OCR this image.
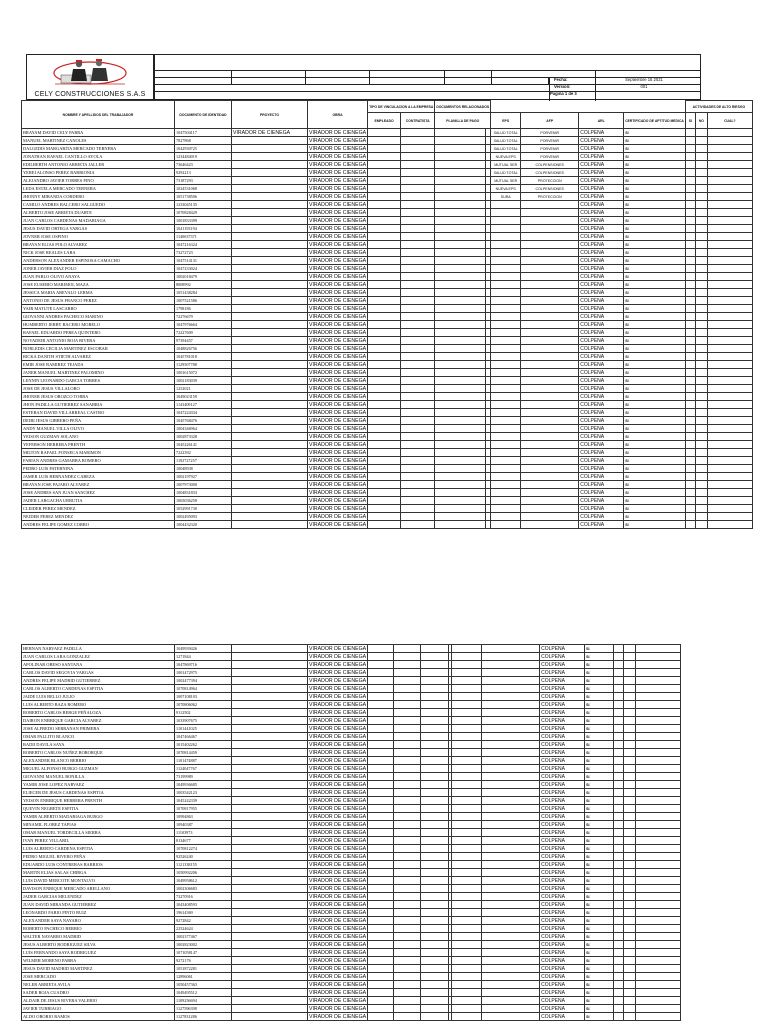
CELY CONSTRUCCIONES S.A.S
Fecha:	Septiembre 15 2021
Version:	001
Pagina 1 de 3
NOMBRE Y APELLIDOS DEL TRABAJADOR	DOCUMENTO DE IDENTIDAD	PROYECTO	OBRA	TIPO DE VINCULACION A LA EMPRESA		DOCUMENTOS RELACIONADOS						ACTIVIDADES DE ALTO RIESGO		
				EMPLEADO	CONTRATISTA	PLANILLA DE PAGO		EPS	AFP	ARL	CERTIFICADO DE APTITUD MEDICA	SI	NO	CUAL?
BRAYAM DAVID CELY PARRA	1047504117	VIRADOR DE CIENEGA	VIRADOR DE CIENEGA					SALUD TOTAL	PORVENIR	COLPENA	SI			
MANUEL MARTINEZ CANOLES	7827868		VIRADOR DE CIENEGA					SALUD TOTAL	PORVENIR	COLPENA	SI			
DALGEDIS MARGARITA MERCADO TERNERA	1042930725		VIRADOR DE CIENEGA					SALUD TOTAL	PORVENIR	COLPENA	SI			
JONATHAN RAFAEL CANTILLO AYOLA	1234484019		VIRADOR DE CIENEGA					NUEVA EPS	PORVENIR	COLPENA	SI			
EDILBERTH ANTONIO ARRIETA JALLER	73646423		VIRADOR DE CIENEGA					MUTUAL SER	COLPENSIONES	COLPENA	SI			
YEREI ALONSO PEREZ BARRIONIA	9292213		VIRADOR DE CIENEGA					SALUD TOTAL	COLPENSIONES	COLPENA	SI			
ALEJANDRO JAVIER TORRES PINO	73187293		VIRADOR DE CIENEGA					MUTUAL SER	PROTECCION	COLPENA	SI			
LEDA ESTELA MERCADO TERNERA	1024531068		VIRADOR DE CIENEGA					NUEVA EPS	COLPENSIONES	COLPENA	SI			
JHONNY MIRANDA CORDERO	1051738506		VIRADOR DE CIENEGA					SURA	PROTECCION	COLPENA	SI			
CAMILO ANDRES BALCERO SALGUEDO	1233045135		VIRADOR DE CIENEGA							COLPENA	SI			
ALBERTO JOSE ARRIETA DUARTE	1070828429		VIRADOR DE CIENEGA							COLPENA	SI			
JUAN CARLOS CARDENAS MADARIAGA	1001833399		VIRADOR DE CIENEGA							COLPENA	SI			
JESUS DAVID ORTEGA VARGAS	1041193194		VIRADOR DE CIENEGA							COLPENA	SI			
JOVNER JOSE OSPINO	1140637371		VIRADOR DE CIENEGA							COLPENA	SI			
BRAYAN ELIAS POLO ALVAREZ	1047216324		VIRADOR DE CIENEGA							COLPENA	SI			
NICK JOSE REALES LARA	73272723		VIRADOR DE CIENEGA							COLPENA	SI			
ANDERSON ALEXANDER ESPINOSA CAMACHO	1047514131		VIRADOR DE CIENEGA							COLPENA	SI			
JONER JAVIER DIAZ POLO	1047233024		VIRADOR DE CIENEGA							COLPENA	SI			
JUAN PABLO OLIVO ANAYA	1002018479		VIRADOR DE CIENEGA							COLPENA	SI			
JOSE EUSEBIO MARIMOL MAZA	8808992		VIRADOR DE CIENEGA							COLPENA	SI			
JESSICA MARIA AREVALO LERMA	1051438284		VIRADOR DE CIENEGA							COLPENA	SI			
ANTONIO DE JESUS FRANCO PEREZ	1007521586		VIRADOR DE CIENEGA							COLPENA	SI			
YAIR MATUTE LASCARRO	1798186		VIRADOR DE CIENEGA							COLPENA	SI			
GIOVANNI ANDRES PACHECO MARINO	72276679		VIRADOR DE CIENEGA							COLPENA	SI			
HUMBERTO JERRY BACERO MORELO	1047976664		VIRADOR DE CIENEGA							COLPENA	SI			
RAFAEL EDUARDO PEREA QUINTERO	72227609		VIRADOR DE CIENEGA							COLPENA	SI			
NOVADEIR ANTONIO ROJA RIVERA	97394457		VIRADOR DE CIENEGA							COLPENA	SI			
NORLEDIS CECILIA MARTINEZ ESCOBAR	1048826756		VIRADOR DE CIENEGA							COLPENA	SI			
RICKA DANITH STIETH ALVAREZ	1045781018		VIRADOR DE CIENEGA							COLPENA	SI			
EMIR JOSE RAMIREZ TEJADA	1129507788		VIRADOR DE CIENEGA							COLPENA	SI			
JANER MANUEL MARTINEZ PALOMINO	1001615072		VIRADOR DE CIENEGA							COLPENA	SI			
LENNIN LEONARDO GARCIA TORRES	1002183039		VIRADOR DE CIENEGA							COLPENA	SI			
JOSE DE JESUS VILLALOBO	1252021		VIRADOR DE CIENEGA							COLPENA	SI			
JHONER JESUS OROZCO TORRA	1049023159		VIRADOR DE CIENEGA							COLPENA	SI			
JHON PADILLA GUTIERREZ SANABRIA	1143409127		VIRADOR DE CIENEGA							COLPENA	SI			
ESTEBAN DAVID VILLARREAL CASTRO	1047224334		VIRADOR DE CIENEGA							COLPENA	SI			
DEIBI JESUS GIRRERO PEÑA	1045768476		VIRADOR DE CIENEGA							COLPENA	SI			
ANDY MANUEL VILLA OLIVO	1004346964		VIRADOR DE CIENEGA							COLPENA	SI			
YEISON GUZMAN SOLANO	1002873328		VIRADOR DE CIENEGA							COLPENA	SI			
YEFERSON HERRERA PRENTH	1045226141		VIRADOR DE CIENEGA							COLPENA	SI			
MILTON RAFAEL FONSECA MARIMON	7222392		VIRADOR DE CIENEGA							COLPENA	SI			
FABIAN ANDRES GAMARRA ROMERO	1192727257		VIRADOR DE CIENEGA							COLPENA	SI			
PEDRO LUIS PATERNINA	10048938		VIRADOR DE CIENEGA							COLPENA	SI			
JAMER LUIS HERNANDEZ CABEZA	1002197927		VIRADOR DE CIENEGA							COLPENA	SI			
BRAYAN JOSE PAJARO ALVAREZ	1007973000		VIRADOR DE CIENEGA							COLPENA	SI			
JOSE ANDRES SAN JUAN SANCHEZ	1004831833		VIRADOR DE CIENEGA							COLPENA	SI			
JADER LARGACHA URRUTIA	1065036258		VIRADOR DE CIENEGA							COLPENA	SI			
CLEIDER PEREZ MENDEZ	1052991730		VIRADOR DE CIENEGA							COLPENA	SI			
NEIDER PEREZ MENDEZ	1002495093		VIRADOR DE CIENEGA							COLPENA	SI			
ANDRES FELIPE GOMEZ CORRO	1004432320		VIRADOR DE CIENEGA							COLPENA	SI			
HERNAN NARVAEZ PADILLA	1049939426		VIRADOR DE CIENEGA							COLPENA	SI			
JUAN CARLOS LARA GONZALEZ	1271844		VIRADOR DE CIENEGA							COLPENA	SI			
APOLINAR OBESO SANTANA	1047869716		VIRADOR DE CIENEGA							COLPENA	SI			
CARLOS DAVID SEGOVIA VARGAS	1001472975		VIRADOR DE CIENEGA							COLPENA	SI			
ANDRES FELIPE MADRID GUTIERREZ	1002477394		VIRADOR DE CIENEGA							COLPENA	SI			
CARLOS ALBERTO CARDENAS ESPITIA	1070814964		VIRADOR DE CIENEGA							COLPENA	SI			
JAIDE LUIS BELLO JULIO	1007108103		VIRADOR DE CIENEGA							COLPENA	SI			
LUIS ALBERTO BAZA ROMERO	1070806062		VIRADOR DE CIENEGA							COLPENA	SI			
ROBERTO CARLOS BERGE PEÑALOZA	9112502		VIRADOR DE CIENEGA							COLPENA	SI			
DAIRON ENRRIQUE GARCIA ALVAREZ	1033907675		VIRADOR DE CIENEGA							COLPENA	SI			
JOSE ALFREDO SERRANAN PRIMERA	1101441025		VIRADOR DE CIENEGA							COLPENA	SI			
OMAR PALLITO BLANCO	1047466467		VIRADOR DE CIENEGA							COLPENA	SI			
RADII DAVILA SAYA	1015402262		VIRADOR DE CIENEGA							COLPENA	SI			
ROBERTO CARLOS NUÑEZ BORORQUE	1070814459		VIRADOR DE CIENEGA							COLPENA	SI			
ALEXANDER BLANCO BERRIO	1101474887		VIRADOR DE CIENEGA							COLPENA	SI			
MIGUEL ALFONSO BURGO GUZMAN	1124047767		VIRADOR DE CIENEGA							COLPENA	SI			
GIOVANNI MANUEL BONILLA	73199989		VIRADOR DE CIENEGA							COLPENA	SI			
YAMIR JOSE LOPEZ NARVAEZ	1049936685		VIRADOR DE CIENEGA							COLPENA	SI			
ELIECER DE JESUS CARDENAS ESPITIA	1003542123		VIRADOR DE CIENEGA							COLPENA	SI			
YEISON ENRRIQUE HERRERA PRENTH	1045242339		VIRADOR DE CIENEGA							COLPENA	SI			
QUEVIN NEGRETE ESPITIA	1070817955		VIRADOR DE CIENEGA							COLPENA	SI			
YAMIR ALBERTO MADARIAGA BURGO	10994863		VIRADOR DE CIENEGA							COLPENA	SI			
MINAMIL FLOREZ TAPIAS	10940387		VIRADOR DE CIENEGA							COLPENA	SI			
OMAR MANUEL TORDECILLA SIERRA	11103973		VIRADOR DE CIENEGA							COLPENA	SI			
IVAN PEREZ VILLARIL	8134677		VIRADOR DE CIENEGA							COLPENA	SI			
LUIS ALBERTO CARDENA ESPITIA	1070812274		VIRADOR DE CIENEGA							COLPENA	SI			
PEDRO MIGUEL RIVERO PEÑA	92526240		VIRADOR DE CIENEGA							COLPENA	SI			
EDUARDO LUIS CONTRERAS BARRIOS	1121338155		VIRADOR DE CIENEGA							COLPENA	SI			
MARTIN ELIAS SALAS CHIRGA	1050992206		VIRADOR DE CIENEGA							COLPENA	SI			
LUIS DAVID MERCOTE MONTALVO	1049958612		VIRADOR DE CIENEGA							COLPENA	SI			
DAVISON ENRIQUE MERCADO ARELLANO	1002306683		VIRADOR DE CIENEGA							COLPENA	SI			
JADER GARCIAS MELENDEZ	73270916		VIRADOR DE CIENEGA							COLPENA	SI			
JUAN DAVID MIRANDA GUTIERREZ	1043408593		VIRADOR DE CIENEGA							COLPENA	SI			
LEONARDO FABIO PINTO RUIZ	19614369		VIRADOR DE CIENEGA							COLPENA	SI			
ALEXANDER SAYA NAYARO	9272842		VIRADOR DE CIENEGA							COLPENA	SI			
ROBERTO PACHECO BERRIO	22524624		VIRADOR DE CIENEGA							COLPENA	SI			
WALTER NAVARRO MADRID	1002377467		VIRADOR DE CIENEGA							COLPENA	SI			
JESUS ALBERTO RODRIGUEZ SILVA	1002823002		VIRADOR DE CIENEGA							COLPENA	SI			
LUIS FERNANDO SAYA RODRIGUEZ	1071058147		VIRADOR DE CIENEGA							COLPENA	SI			
WILMER MORENO PARRA	9272176		VIRADOR DE CIENEGA							COLPENA	SI			
JESUS DAVID MADRID MARTINEZ	1051872281		VIRADOR DE CIENEGA							COLPENA	SI			
JOSE MERCADO	12896061		VIRADOR DE CIENEGA							COLPENA	SI			
NELER ARRIETA AVILA	1050457363		VIRADOR DE CIENEGA							COLPENA	SI			
SADER ROJA CUADRO	1049495512		VIRADOR DE CIENEGA							COLPENA	SI			
ALDAIR DE JESUS RIVERA VALERIO	1109256694		VIRADOR DE CIENEGA							COLPENA	SI			
JAVIER TURRIAGO	1127596398		VIRADOR DE CIENEGA							COLPENA	SI			
ALDO ORORIO RAMOS	1127831286		VIRADOR DE CIENEGA							COLPENA	SI			
